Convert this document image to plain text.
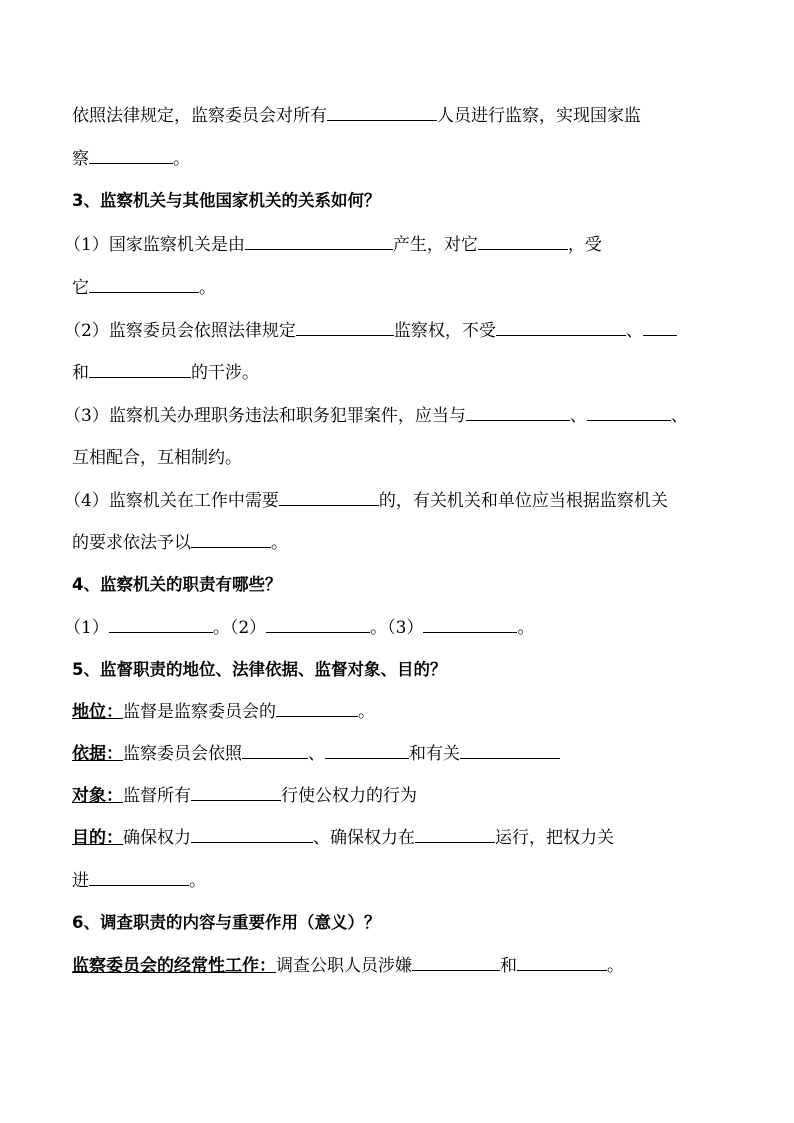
依照法律规定，监察委员会对所有	人员进行监察，实现国家监
察	。
3、监察机关与其他国家机关的关系如何？
（1）国家监察机关是由	产生，对它	，受
它	。
（2）监察委员会依照法律规定	监察权，不受	、
和	的干涉。
（3）监察机关办理职务违法和职务犯罪案件，应当与	、	、
互相配合，互相制约。
（4）监察机关在工作中需要	的，有关机关和单位应当根据监察机关
的要求依法予以	。
4、监察机关的职责有哪些？
（1）	。（2）	。（3）	。
5、监督职责的地位、法律依据、监督对象、目的？
地位：监督是监察委员会的	。
依据：监察委员会依照	、	和有关
对象：监督所有	行使公权力的行为
目的：确保权力	、确保权力在	运行，把权力关
进	。
6、调查职责的内容与重要作用（意义）？
监察委员会的经常性工作：调查公职人员涉嫌	和	。
